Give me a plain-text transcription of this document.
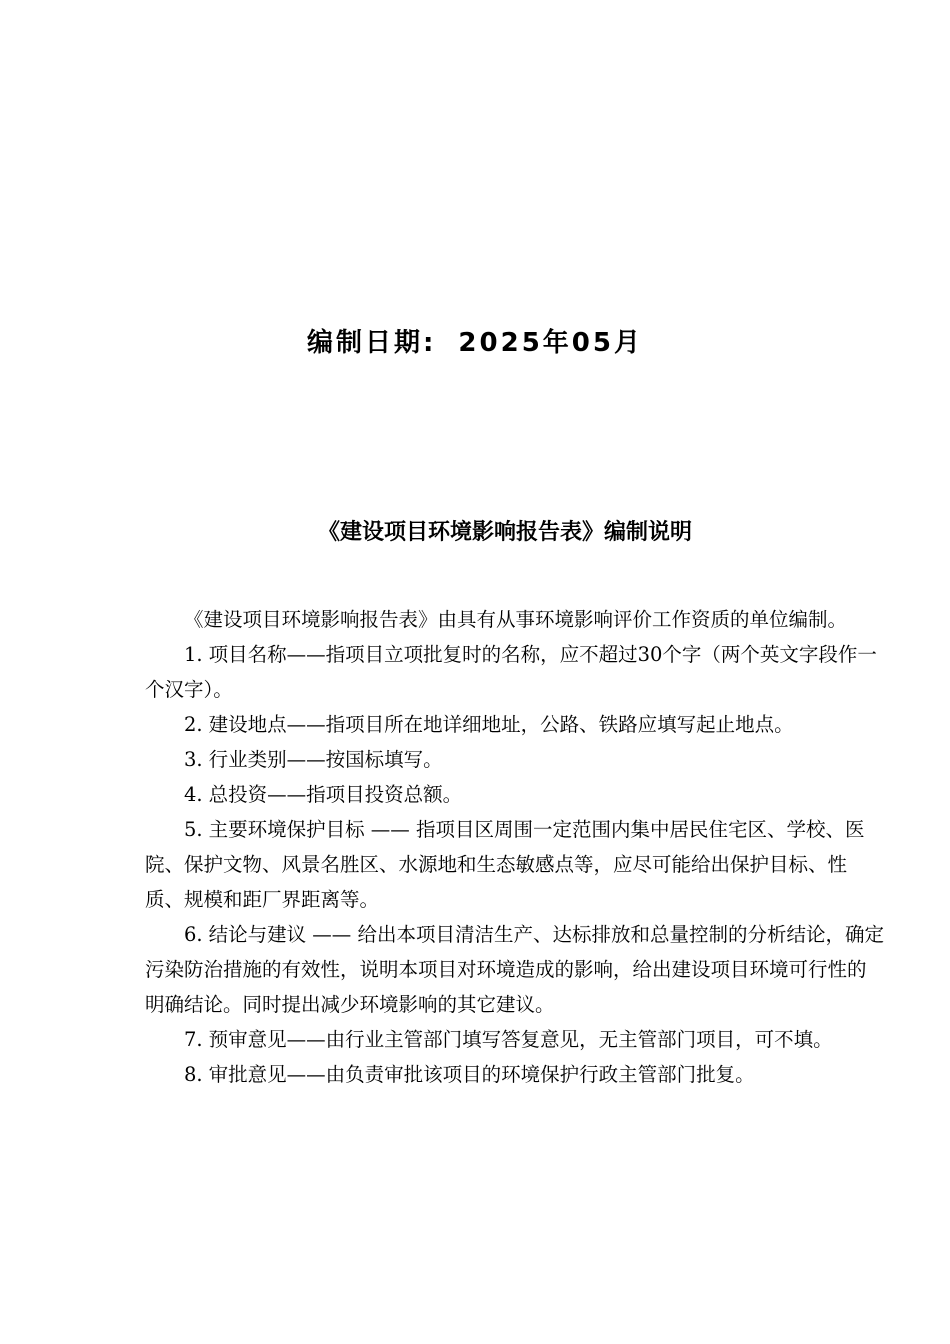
编制日期: 2025年05月
《建设项目环境影响报告表》编制说明

《建设项目环境影响报告表》由具有从事环境影响评价工作资质的单位编制。

1. 项目名称——指项目立项批复时的名称，应不超过30个字（两个英文字段作一个汉字）。

2. 建设地点——指项目所在地详细地址，公路、铁路应填写起止地点。

3. 行业类别——按国标填写。

4. 总投资——指项目投资总额。

5. 主要环境保护目标 —— 指项目区周围一定范围内集中居民住宅区、学校、医院、保护文物、风景名胜区、水源地和生态敏感点等，应尽可能给出保护目标、性质、规模和距厂界距离等。

6. 结论与建议 —— 给出本项目清洁生产、达标排放和总量控制的分析结论，确定污染防治措施的有效性，说明本项目对环境造成的影响，给出建设项目环境可行性的明确结论。同时提出减少环境影响的其它建议。

7. 预审意见——由行业主管部门填写答复意见，无主管部门项目，可不填。

8. 审批意见——由负责审批该项目的环境保护行政主管部门批复。
